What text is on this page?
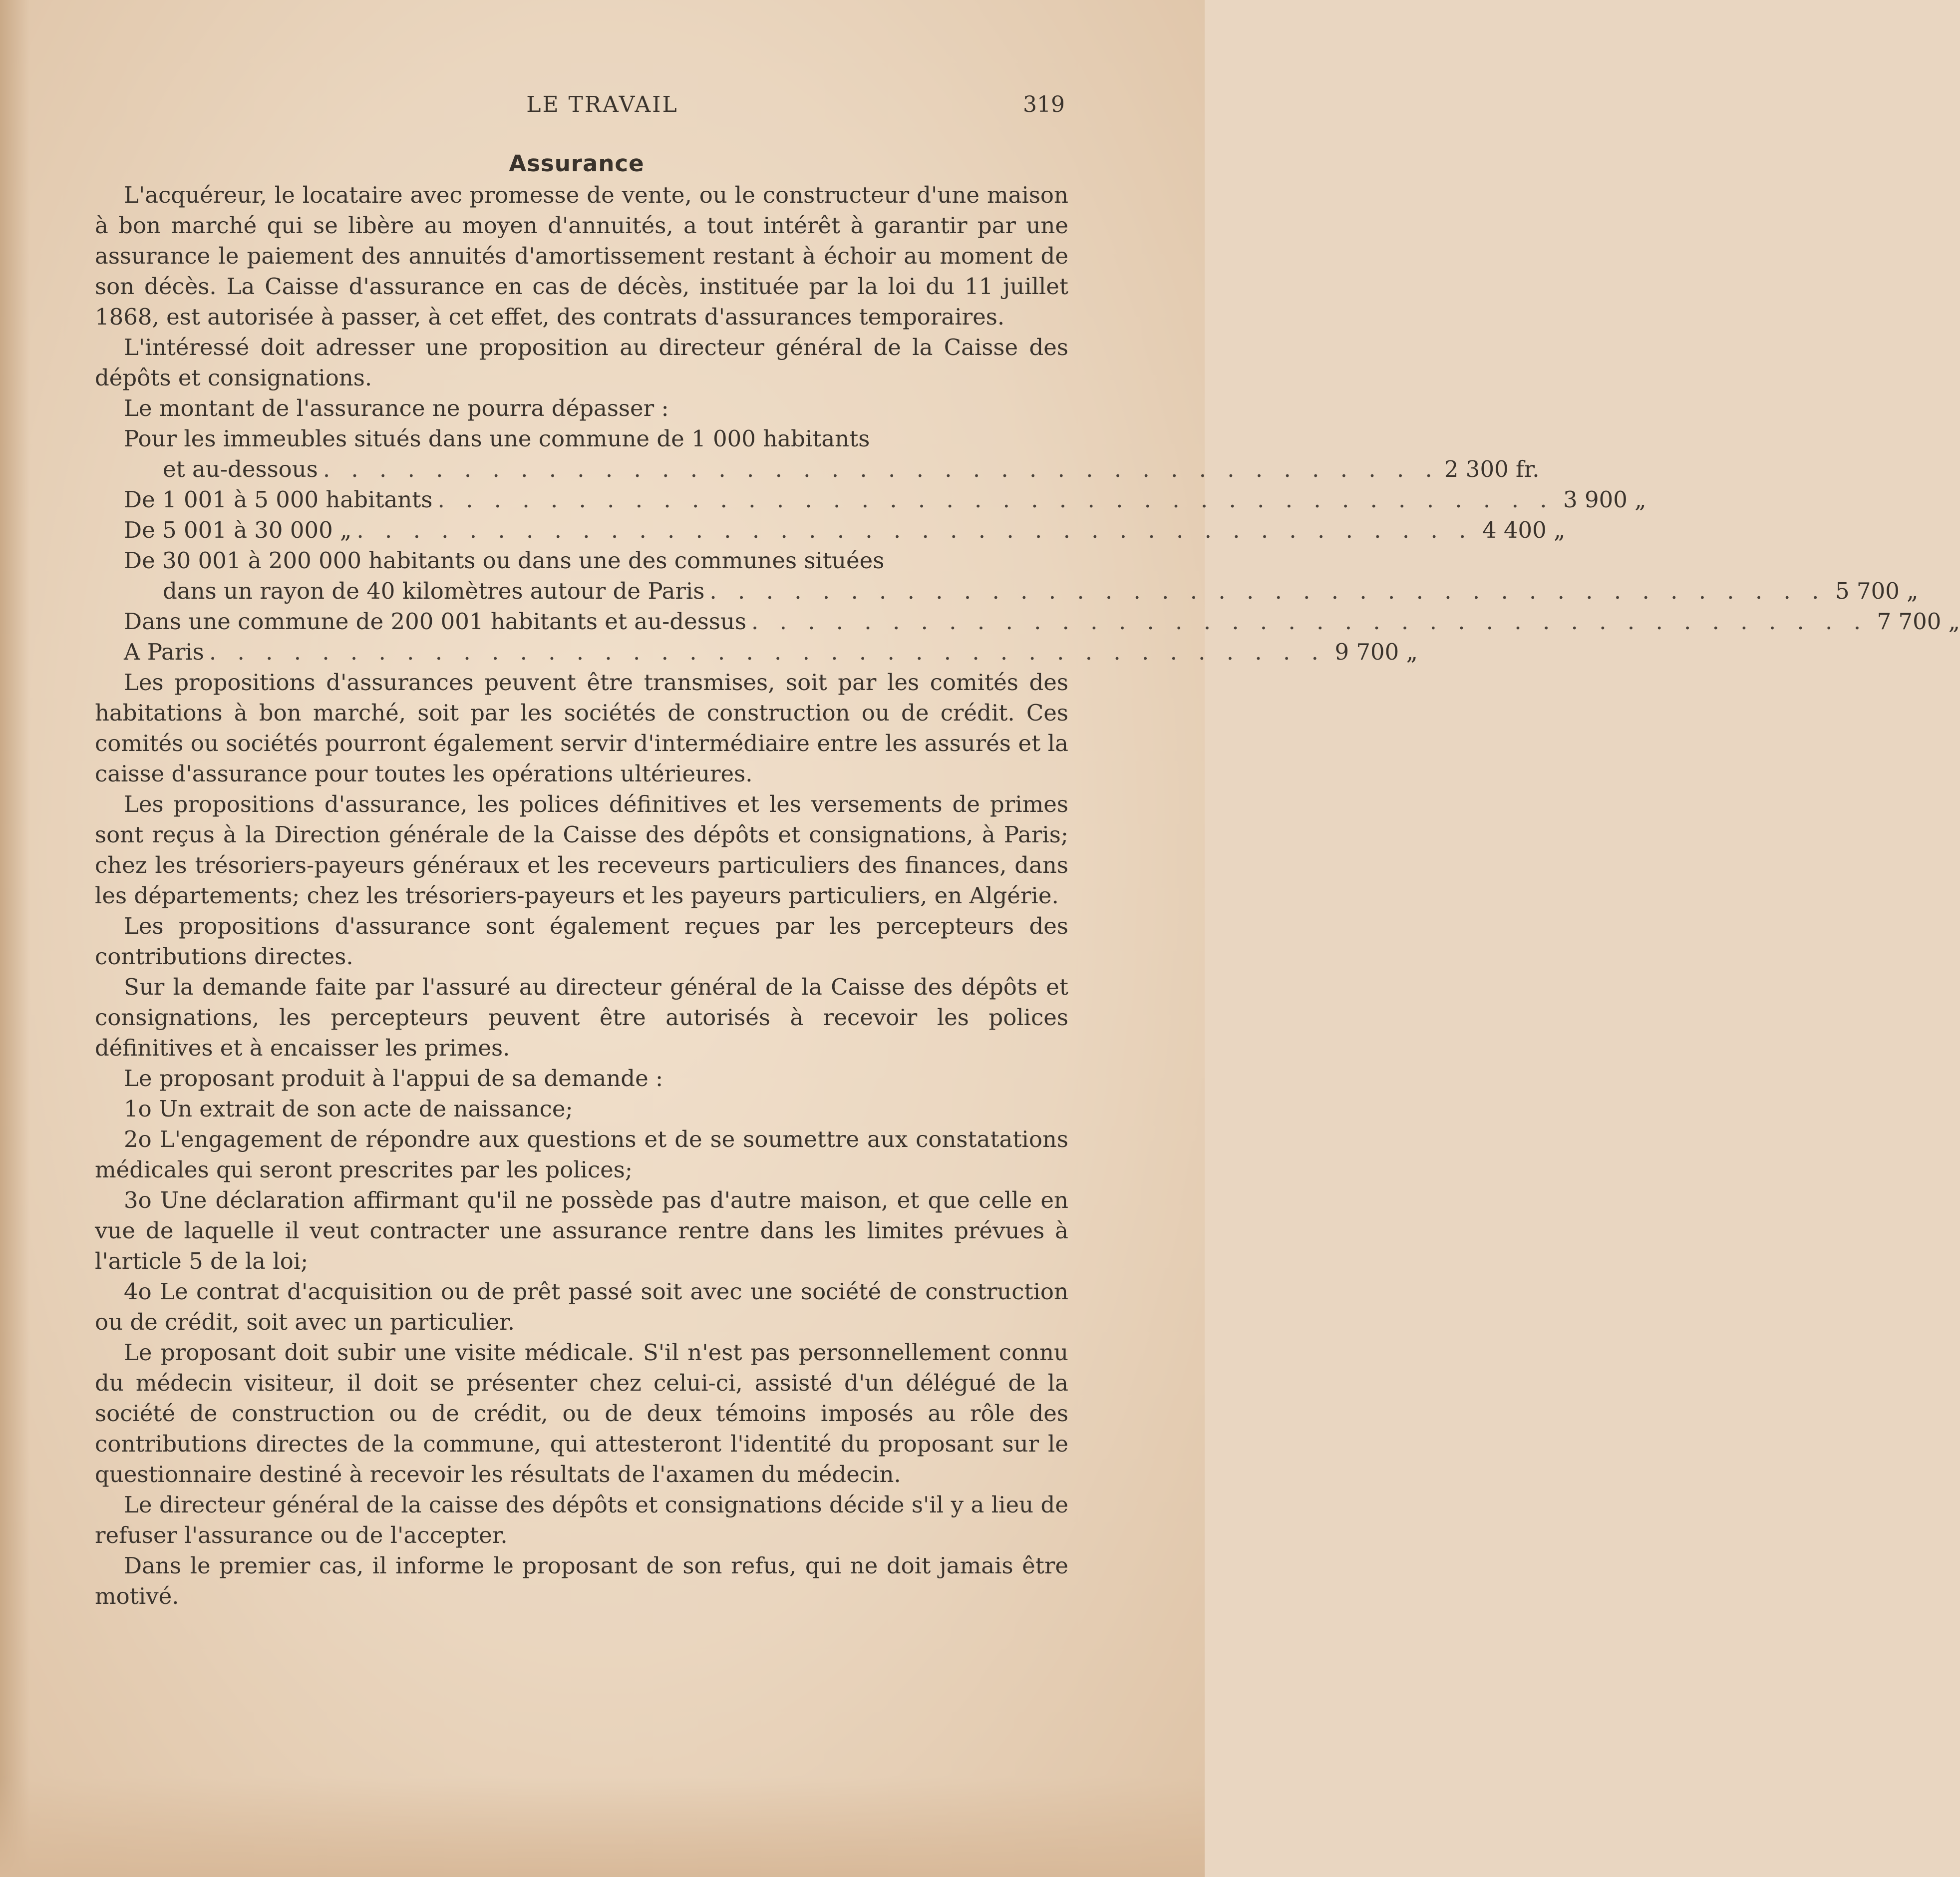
LE TRAVAIL	319
Assurance

L'acquéreur, le locataire avec promesse de vente, ou le constructeur d'une maison à bon marché qui se libère au moyen d'annuités, a tout intérêt à garantir par une assurance le paiement des annuités d'amortissement restant à échoir au moment de son décès. La Caisse d'assurance en cas de décès, instituée par la loi du 11 juillet 1868, est autorisée à passer, à cet effet, des contrats d'assurances temporaires.

L'intéressé doit adresser une proposition au directeur général de la Caisse des dépôts et consignations.

Le montant de l'assurance ne pourra dépasser :

Pour les immeubles situés dans une commune de 1 000 habitants
et au-dessous . . . . . . . . . . . . . . . . . . . . . . . . . . . . . . . . . . . . . . . . 2 300 fr.
De 1 001 à 5 000 habitants . . . . . . . . . . . . . . . . . . . . . . . . . . . . . . . . . . . . . . . . 3 900 „
De 5 001 à 30 000 „ . . . . . . . . . . . . . . . . . . . . . . . . . . . . . . . . . . . . . . . . 4 400 „
De 30 001 à 200 000 habitants ou dans une des communes situées
dans un rayon de 40 kilomètres autour de Paris . . . . . . . . . . . . . . . . . . . . . . . . . . . . . . . . . . . . . . . . 5 700 „
Dans une commune de 200 001 habitants et au-dessus . . . . . . . . . . . . . . . . . . . . . . . . . . . . . . . . . . . . . . . . 7 700 „
A Paris . . . . . . . . . . . . . . . . . . . . . . . . . . . . . . . . . . . . . . . . 9 700 „

Les propositions d'assurances peuvent être transmises, soit par les comités des habitations à bon marché, soit par les sociétés de construction ou de crédit. Ces comités ou sociétés pourront également servir d'intermédiaire entre les assurés et la caisse d'assurance pour toutes les opérations ultérieures.

Les propositions d'assurance, les polices définitives et les versements de primes sont reçus à la Direction générale de la Caisse des dépôts et consignations, à Paris; chez les trésoriers-payeurs généraux et les receveurs particuliers des finances, dans les départements; chez les trésoriers-payeurs et les payeurs particuliers, en Algérie.

Les propositions d'assurance sont également reçues par les percepteurs des contributions directes.

Sur la demande faite par l'assuré au directeur général de la Caisse des dépôts et consignations, les percepteurs peuvent être autorisés à recevoir les polices définitives et à encaisser les primes.

Le proposant produit à l'appui de sa demande :

1o Un extrait de son acte de naissance;

2o L'engagement de répondre aux questions et de se soumettre aux constatations médicales qui seront prescrites par les polices;

3o Une déclaration affirmant qu'il ne possède pas d'autre maison, et que celle en vue de laquelle il veut contracter une assurance rentre dans les limites prévues à l'article 5 de la loi;

4o Le contrat d'acquisition ou de prêt passé soit avec une société de construction ou de crédit, soit avec un particulier.

Le proposant doit subir une visite médicale. S'il n'est pas personnellement connu du médecin visiteur, il doit se présenter chez celui-ci, assisté d'un délégué de la société de construction ou de crédit, ou de deux témoins imposés au rôle des contributions directes de la commune, qui attesteront l'identité du proposant sur le questionnaire destiné à recevoir les résultats de l'axamen du médecin.

Le directeur général de la caisse des dépôts et consignations décide s'il y a lieu de refuser l'assurance ou de l'accepter.

Dans le premier cas, il informe le proposant de son refus, qui ne doit jamais être motivé.
